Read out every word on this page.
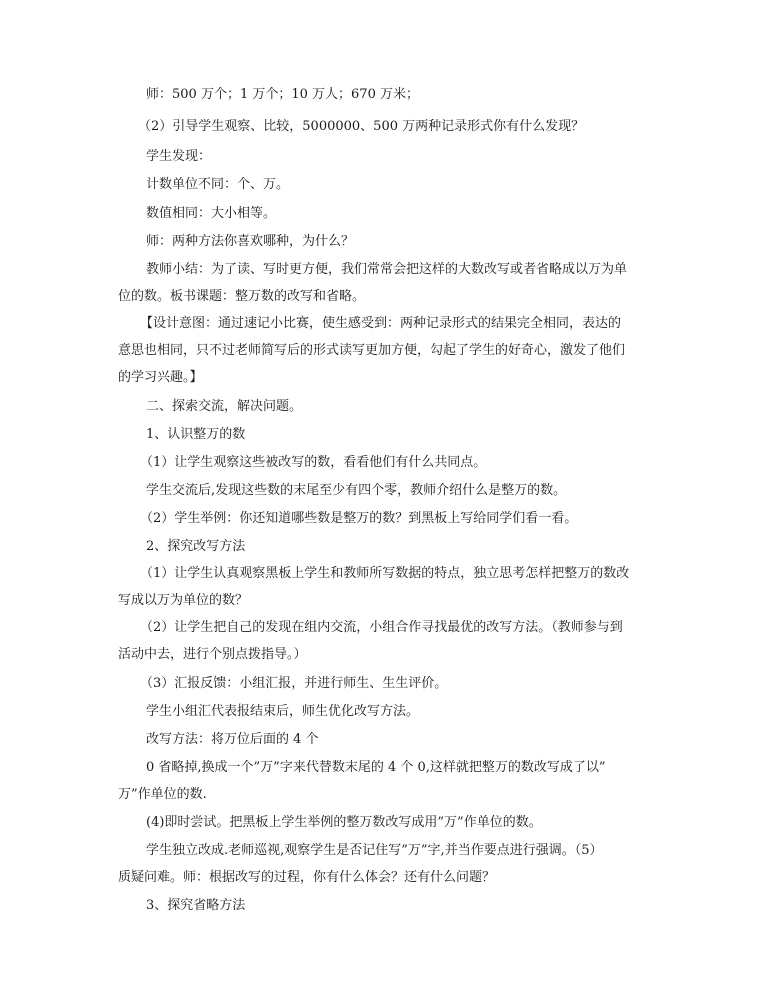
师：500 万个；1 万个；10 万人；670 万米；
（2）引导学生观察、比较，5000000、500 万两种记录形式你有什么发现？
学生发现：
计数单位不同：个、万。
数值相同：大小相等。
师：两种方法你喜欢哪种，为什么？
教师小结：为了读、写时更方便，我们常常会把这样的大数改写或者省略成以万为单
位的数。板书课题：整万数的改写和省略。
【设计意图：通过速记小比赛，使生感受到：两种记录形式的结果完全相同，表达的
意思也相同，只不过老师简写后的形式读写更加方便，勾起了学生的好奇心，激发了他们
的学习兴趣。】
二、探索交流，解决问题。
1、认识整万的数
（1）让学生观察这些被改写的数，看看他们有什么共同点。
学生交流后,发现这些数的末尾至少有四个零，教师介绍什么是整万的数。
（2）学生举例：你还知道哪些数是整万的数？到黑板上写给同学们看一看。
2、探究改写方法
（1）让学生认真观察黑板上学生和教师所写数据的特点，独立思考怎样把整万的数改
写成以万为单位的数？
（2）让学生把自己的发现在组内交流，小组合作寻找最优的改写方法。（教师参与到
活动中去，进行个别点拨指导。）
（3）汇报反馈：小组汇报，并进行师生、生生评价。
学生小组汇代表报结束后，师生优化改写方法。
改写方法：将万位后面的 4 个
0 省略掉,换成一个”万”字来代替数末尾的 4 个 0,这样就把整万的数改写成了以”
万”作单位的数.
(4)即时尝试。把黑板上学生举例的整万数改写成用”万”作单位的数。
学生独立改成.老师巡视,观察学生是否记住写”万”字,并当作要点进行强调。（5）
质疑问难。师：根据改写的过程，你有什么体会？还有什么问题？
3、探究省略方法
